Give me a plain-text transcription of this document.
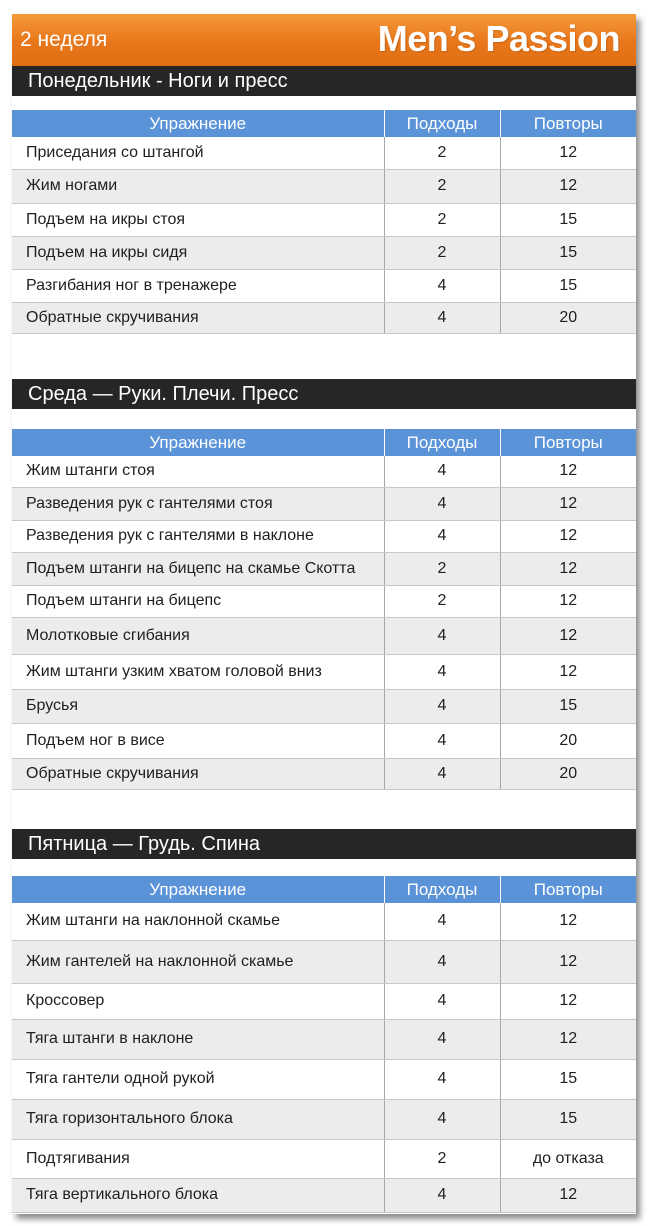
2 неделя	Men’s Passion
Понедельник - Ноги и пресс
Упражнение	Подходы	Повторы
Приседания со штангой	2	12
Жим ногами	2	12
Подъем на икры стоя	2	15
Подъем на икры сидя	2	15
Разгибания ног в тренажере	4	15
Обратные скручивания	4	20
Среда — Руки. Плечи. Пресс
Упражнение	Подходы	Повторы
Жим штанги стоя	4	12
Разведения рук с гантелями стоя	4	12
Разведения рук с гантелями в наклоне	4	12
Подъем штанги на бицепс на скамье Скотта	2	12
Подъем штанги на бицепс	2	12
Молотковые сгибания	4	12
Жим штанги узким хватом головой вниз	4	12
Брусья	4	15
Подъем ног в висе	4	20
Обратные скручивания	4	20
Пятница — Грудь. Спина
Упражнение	Подходы	Повторы
Жим штанги на наклонной скамье	4	12
Жим гантелей на наклонной скамье	4	12
Кроссовер	4	12
Тяга штанги в наклоне	4	12
Тяга гантели одной рукой	4	15
Тяга горизонтального блока	4	15
Подтягивания	2	до отказа
Тяга вертикального блока	4	12
